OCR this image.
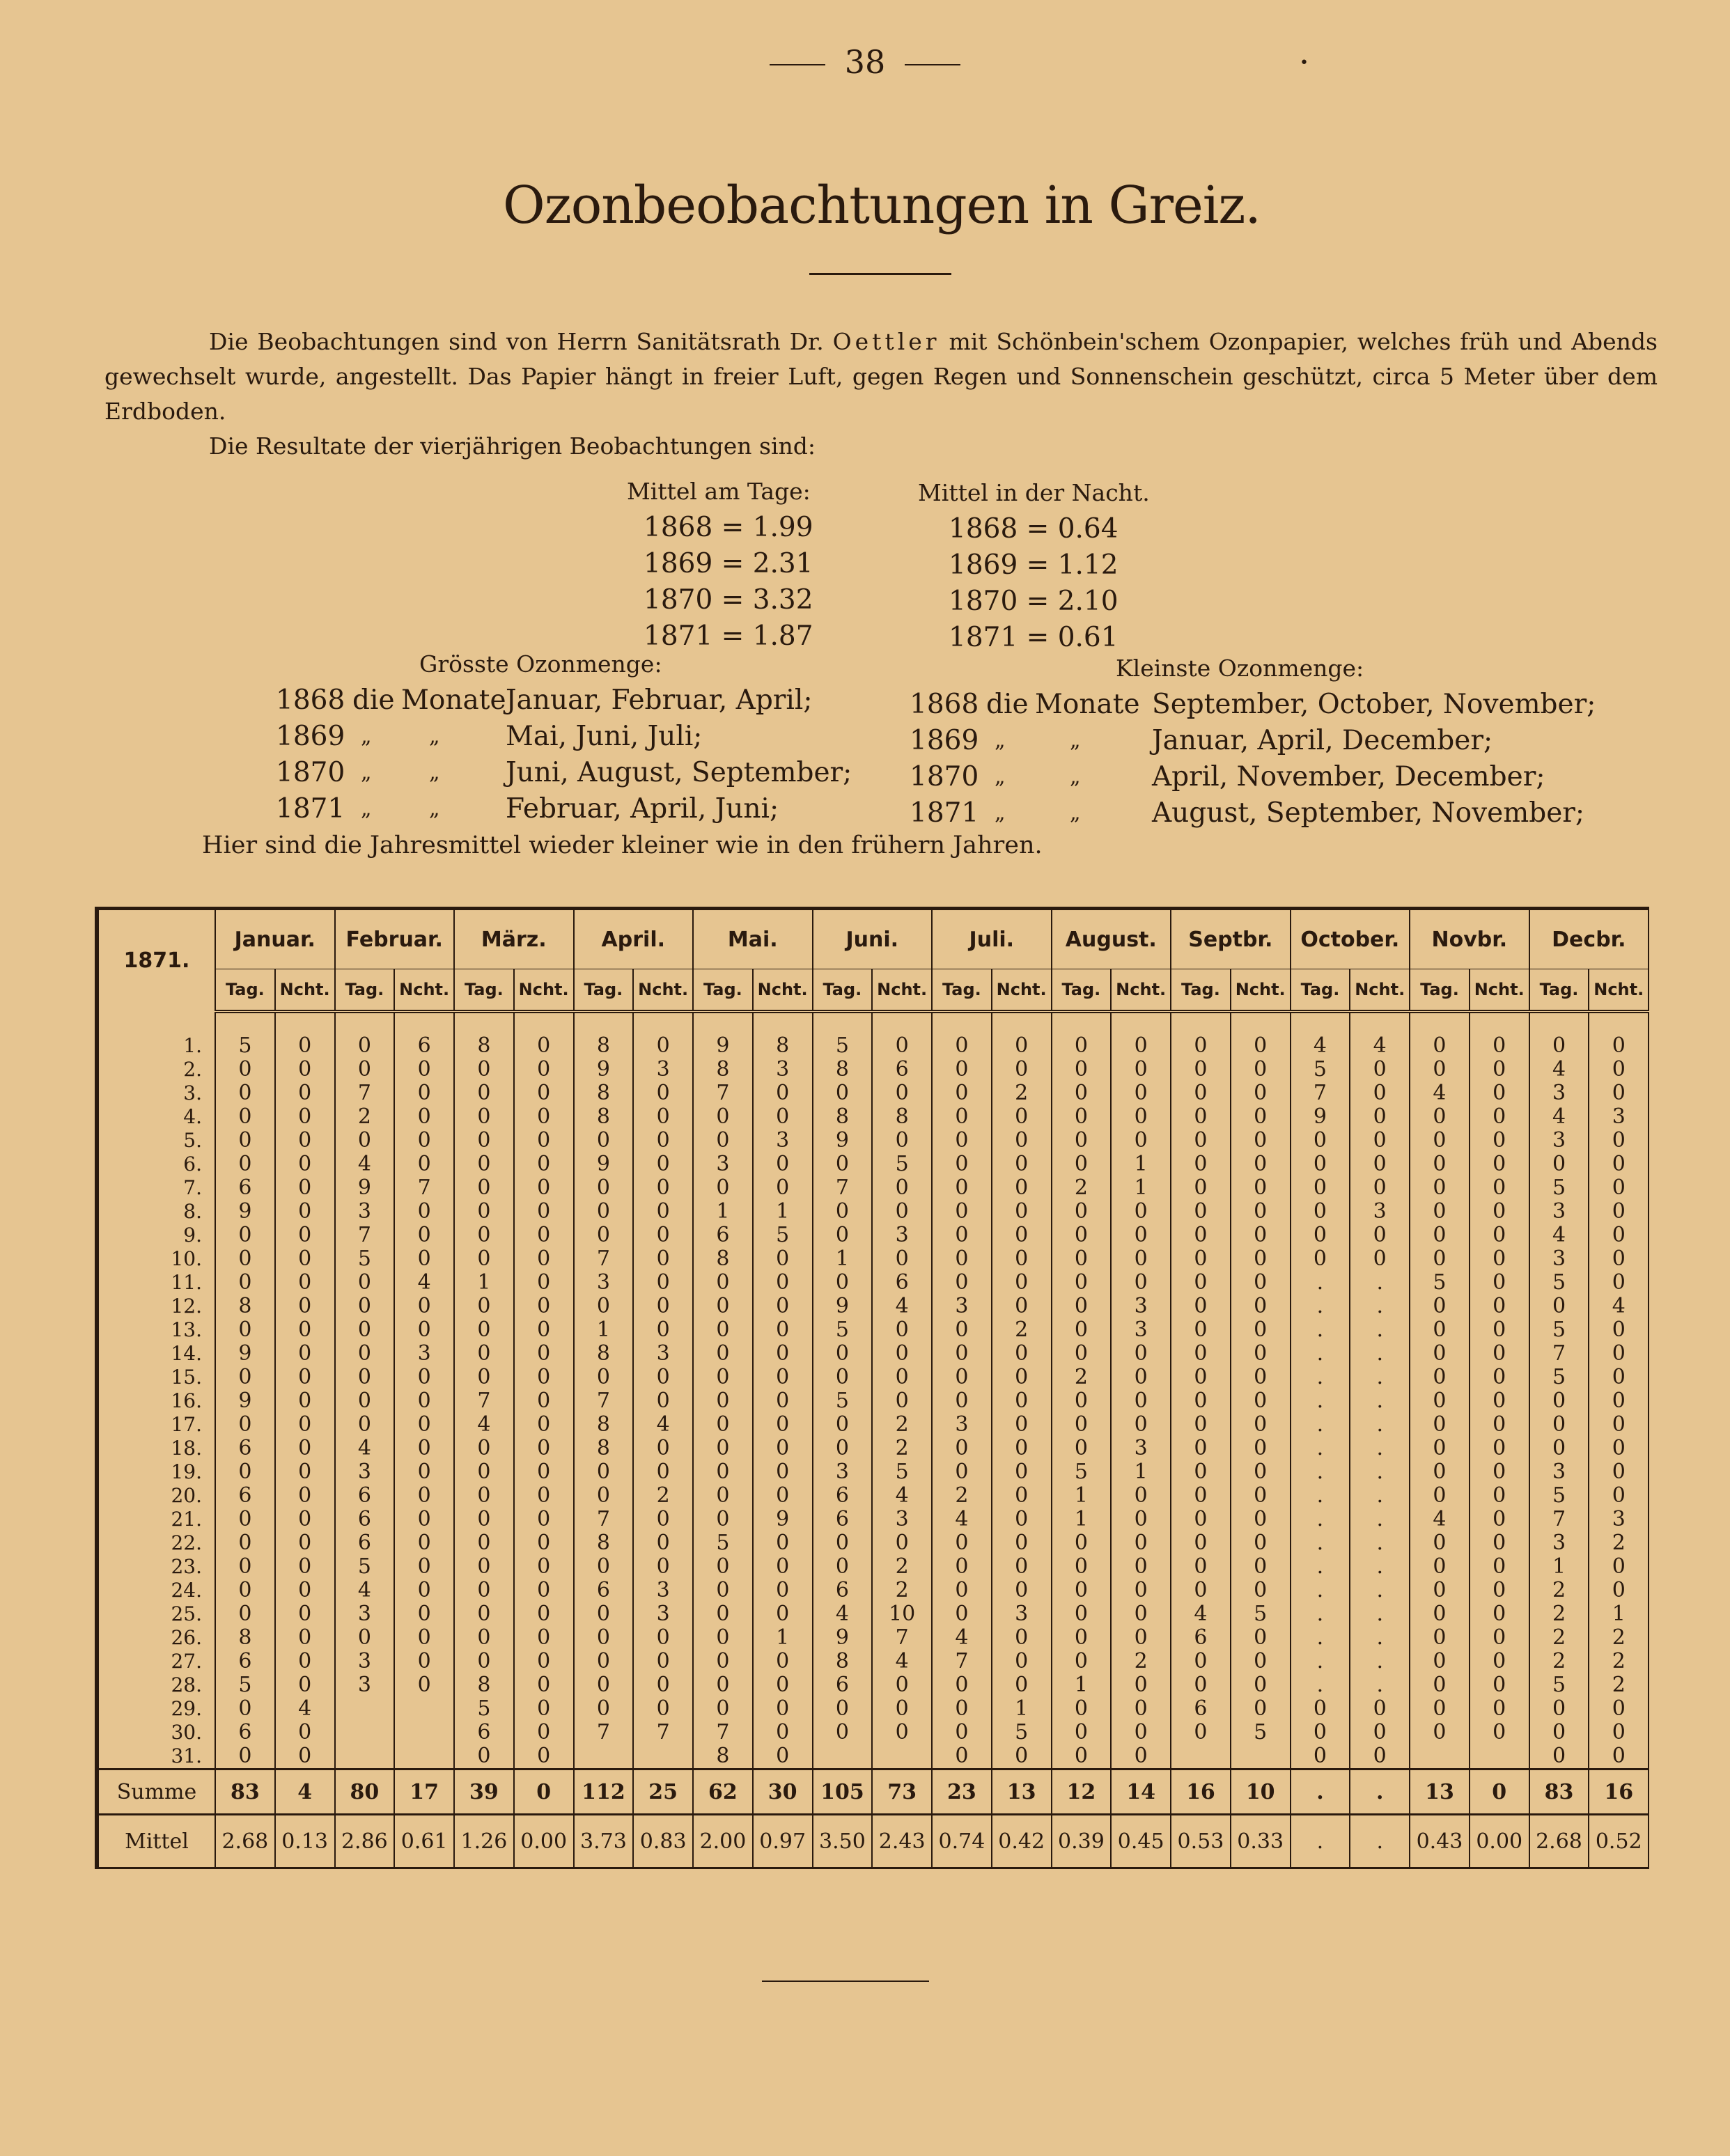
38	•
Ozonbeobachtungen in Greiz.

Die Beobachtungen sind von Herrn Sanitätsrath Dr. Oettler mit Schönbein'schem Ozonpapier, welches früh und Abends gewechselt wurde, angestellt. Das Papier hängt in freier Luft, gegen Regen und Sonnenschein geschützt, circa 5 Meter über dem Erdboden.

Die Resultate der vierjährigen Beobachtungen sind:

Mittel am Tage:
1868 = 1.99
1869 = 2.31
1870 = 3.32
1871 = 1.87
Mittel in der Nacht.
1868 = 0.64
1869 = 1.12
1870 = 2.10
1871 = 0.61
Grösste Ozonmenge:
1868 die Monate Januar, Februar, April;
1869 „	„	Mai, Juni, Juli;
1870 „	„	Juni, August, September;
1871 „	„	Februar, April, Juni;
Kleinste Ozonmenge:
1868 die Monate September, October, November;
1869 „	„	Januar, April, December;
1870 „	„	April, November, December;
1871 „	„	August, September, November;
Hier sind die Jahresmittel wieder kleiner wie in den frühern Jahren.
1871.	Januar.		Februar.		März.		April.		Mai.		Juni.		Juli.		August.		Septbr.		October.		Novbr.		Decbr.	
	Tag.	Ncht.	Tag.	Ncht.	Tag.	Ncht.	Tag.	Ncht.	Tag.	Ncht.	Tag.	Ncht.	Tag.	Ncht.	Tag.	Ncht.	Tag.	Ncht.	Tag.	Ncht.	Tag.	Ncht.	Tag.	Ncht.

1.	5	0	0	6	8	0	8	0	9	8	5	0	0	0	0	0	0	0	4	4	0	0	0	0
2.	0	0	0	0	0	0	9	3	8	3	8	6	0	0	0	0	0	0	5	0	0	0	4	0
3.	0	0	7	0	0	0	8	0	7	0	0	0	0	2	0	0	0	0	7	0	4	0	3	0
4.	0	0	2	0	0	0	8	0	0	0	8	8	0	0	0	0	0	0	9	0	0	0	4	3
5.	0	0	0	0	0	0	0	0	0	3	9	0	0	0	0	0	0	0	0	0	0	0	3	0
6.	0	0	4	0	0	0	9	0	3	0	0	5	0	0	0	1	0	0	0	0	0	0	0	0
7.	6	0	9	7	0	0	0	0	0	0	7	0	0	0	2	1	0	0	0	0	0	0	5	0
8.	9	0	3	0	0	0	0	0	1	1	0	0	0	0	0	0	0	0	0	3	0	0	3	0
9.	0	0	7	0	0	0	0	0	6	5	0	3	0	0	0	0	0	0	0	0	0	0	4	0
10.	0	0	5	0	0	0	7	0	8	0	1	0	0	0	0	0	0	0	0	0	0	0	3	0
11.	0	0	0	4	1	0	3	0	0	0	0	6	0	0	0	0	0	0	.	.	5	0	5	0
12.	8	0	0	0	0	0	0	0	0	0	9	4	3	0	0	3	0	0	.	.	0	0	0	4
13.	0	0	0	0	0	0	1	0	0	0	5	0	0	2	0	3	0	0	.	.	0	0	5	0
14.	9	0	0	3	0	0	8	3	0	0	0	0	0	0	0	0	0	0	.	.	0	0	7	0
15.	0	0	0	0	0	0	0	0	0	0	0	0	0	0	2	0	0	0	.	.	0	0	5	0
16.	9	0	0	0	7	0	7	0	0	0	5	0	0	0	0	0	0	0	.	.	0	0	0	0
17.	0	0	0	0	4	0	8	4	0	0	0	2	3	0	0	0	0	0	.	.	0	0	0	0
18.	6	0	4	0	0	0	8	0	0	0	0	2	0	0	0	3	0	0	.	.	0	0	0	0
19.	0	0	3	0	0	0	0	0	0	0	3	5	0	0	5	1	0	0	.	.	0	0	3	0
20.	6	0	6	0	0	0	0	2	0	0	6	4	2	0	1	0	0	0	.	.	0	0	5	0
21.	0	0	6	0	0	0	7	0	0	9	6	3	4	0	1	0	0	0	.	.	4	0	7	3
22.	0	0	6	0	0	0	8	0	5	0	0	0	0	0	0	0	0	0	.	.	0	0	3	2
23.	0	0	5	0	0	0	0	0	0	0	0	2	0	0	0	0	0	0	.	.	0	0	1	0
24.	0	0	4	0	0	0	6	3	0	0	6	2	0	0	0	0	0	0	.	.	0	0	2	0
25.	0	0	3	0	0	0	0	3	0	0	4	10	0	3	0	0	4	5	.	.	0	0	2	1
26.	8	0	0	0	0	0	0	0	0	1	9	7	4	0	0	0	6	0	.	.	0	0	2	2
27.	6	0	3	0	0	0	0	0	0	0	8	4	7	0	0	2	0	0	.	.	0	0	2	2
28.	5	0	3	0	8	0	0	0	0	0	6	0	0	0	1	0	0	0	.	.	0	0	5	2
29.	0	4			5	0	0	0	0	0	0	0	0	1	0	0	6	0	0	0	0	0	0	0
30.	6	0			6	0	7	7	7	0	0	0	0	5	0	0	0	5	0	0	0	0	0	0
31.	0	0			0	0			8	0			0	0	0	0			0	0			0	0
Summe	83	4	80	17	39	0	112	25	62	30	105	73	23	13	12	14	16	10	.	.	13	0	83	16
Mittel	2.68	0.13	2.86	0.61	1.26	0.00	3.73	0.83	2.00	0.97	3.50	2.43	0.74	0.42	0.39	0.45	0.53	0.33	.	.	0.43	0.00	2.68	0.52
